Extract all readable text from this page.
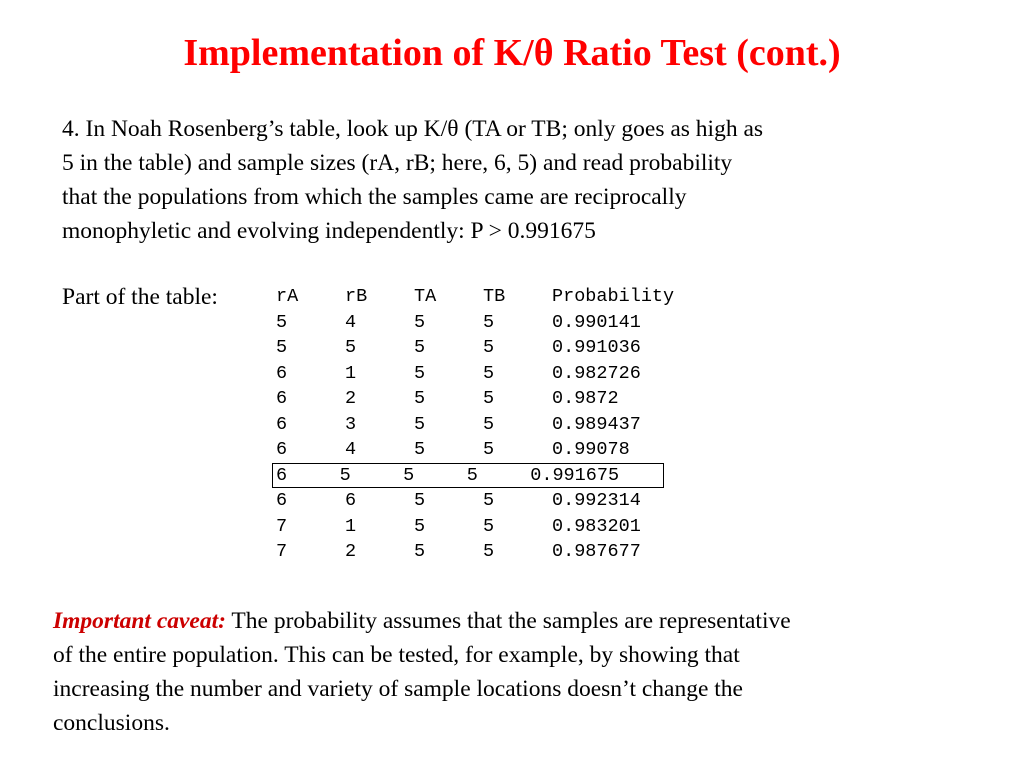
Implementation of K/θ Ratio Test (cont.)
4. In Noah Rosenberg’s table, look up K/θ (TA or TB; only goes as high as
5 in the table) and sample sizes (rA, rB; here, 6, 5) and read probability
that the populations from which the samples came are reciprocally
monophyletic and evolving independently: P > 0.991675
Part of the table:	rA	rB	TA	TB	Probability
5	4	5	5	0.990141
5	5	5	5	0.991036
6	1	5	5	0.982726
6	2	5	5	0.9872
6	3	5	5	0.989437
6	4	5	5	0.99078
6	5	5	5	0.991675
6	6	5	5	0.992314
7	1	5	5	0.983201
7	2	5	5	0.987677
Important caveat: The probability assumes that the samples are representative
of the entire population. This can be tested, for example, by showing that
increasing the number and variety of sample locations doesn’t change the
conclusions.
